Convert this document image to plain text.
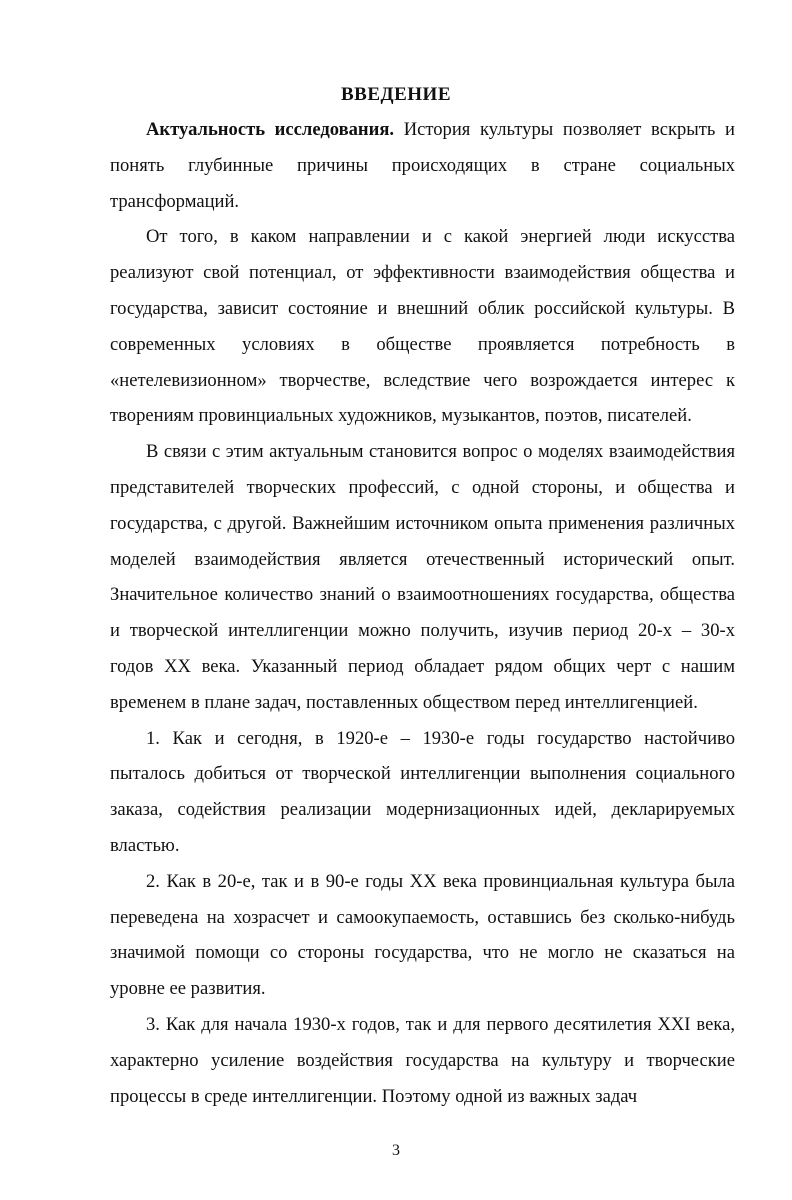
ВВЕДЕНИЕ

Актуальность исследования. История культуры позволяет вскрыть и понять глубинные причины происходящих в стране социальных трансформаций.

От того, в каком направлении и с какой энергией люди искусства реализуют свой потенциал, от эффективности взаимодействия общества и государства, зависит состояние и внешний облик российской культуры. В современных условиях в обществе проявляется потребность в «нетелевизионном» творчестве, вследствие чего возрождается интерес к творениям провинциальных художников, музыкантов, поэтов, писателей.

В связи с этим актуальным становится вопрос о моделях взаимодействия представителей творческих профессий, с одной стороны, и общества и государства, с другой. Важнейшим источником опыта применения различных моделей взаимодействия является отечественный исторический опыт. Значительное количество знаний о взаимоотношениях государства, общества и творческой интеллигенции можно получить, изучив период 20-х – 30-х годов XX века. Указанный период обладает рядом общих черт с нашим временем в плане задач, поставленных обществом перед интеллигенцией.

1. Как и сегодня, в 1920-е – 1930-е годы государство настойчиво пыталось добиться от творческой интеллигенции выполнения социального заказа, содействия реализации модернизационных идей, декларируемых властью.

2. Как в 20-е, так и в 90-е годы XX века провинциальная культура была переведена на хозрасчет и самоокупаемость, оставшись без сколько-нибудь значимой помощи со стороны государства, что не могло не сказаться на уровне ее развития.

3. Как для начала 1930-х годов, так и для первого десятилетия XXI века, характерно усиление воздействия государства на культуру и творческие процессы в среде интеллигенции. Поэтому одной из важных задач

3
